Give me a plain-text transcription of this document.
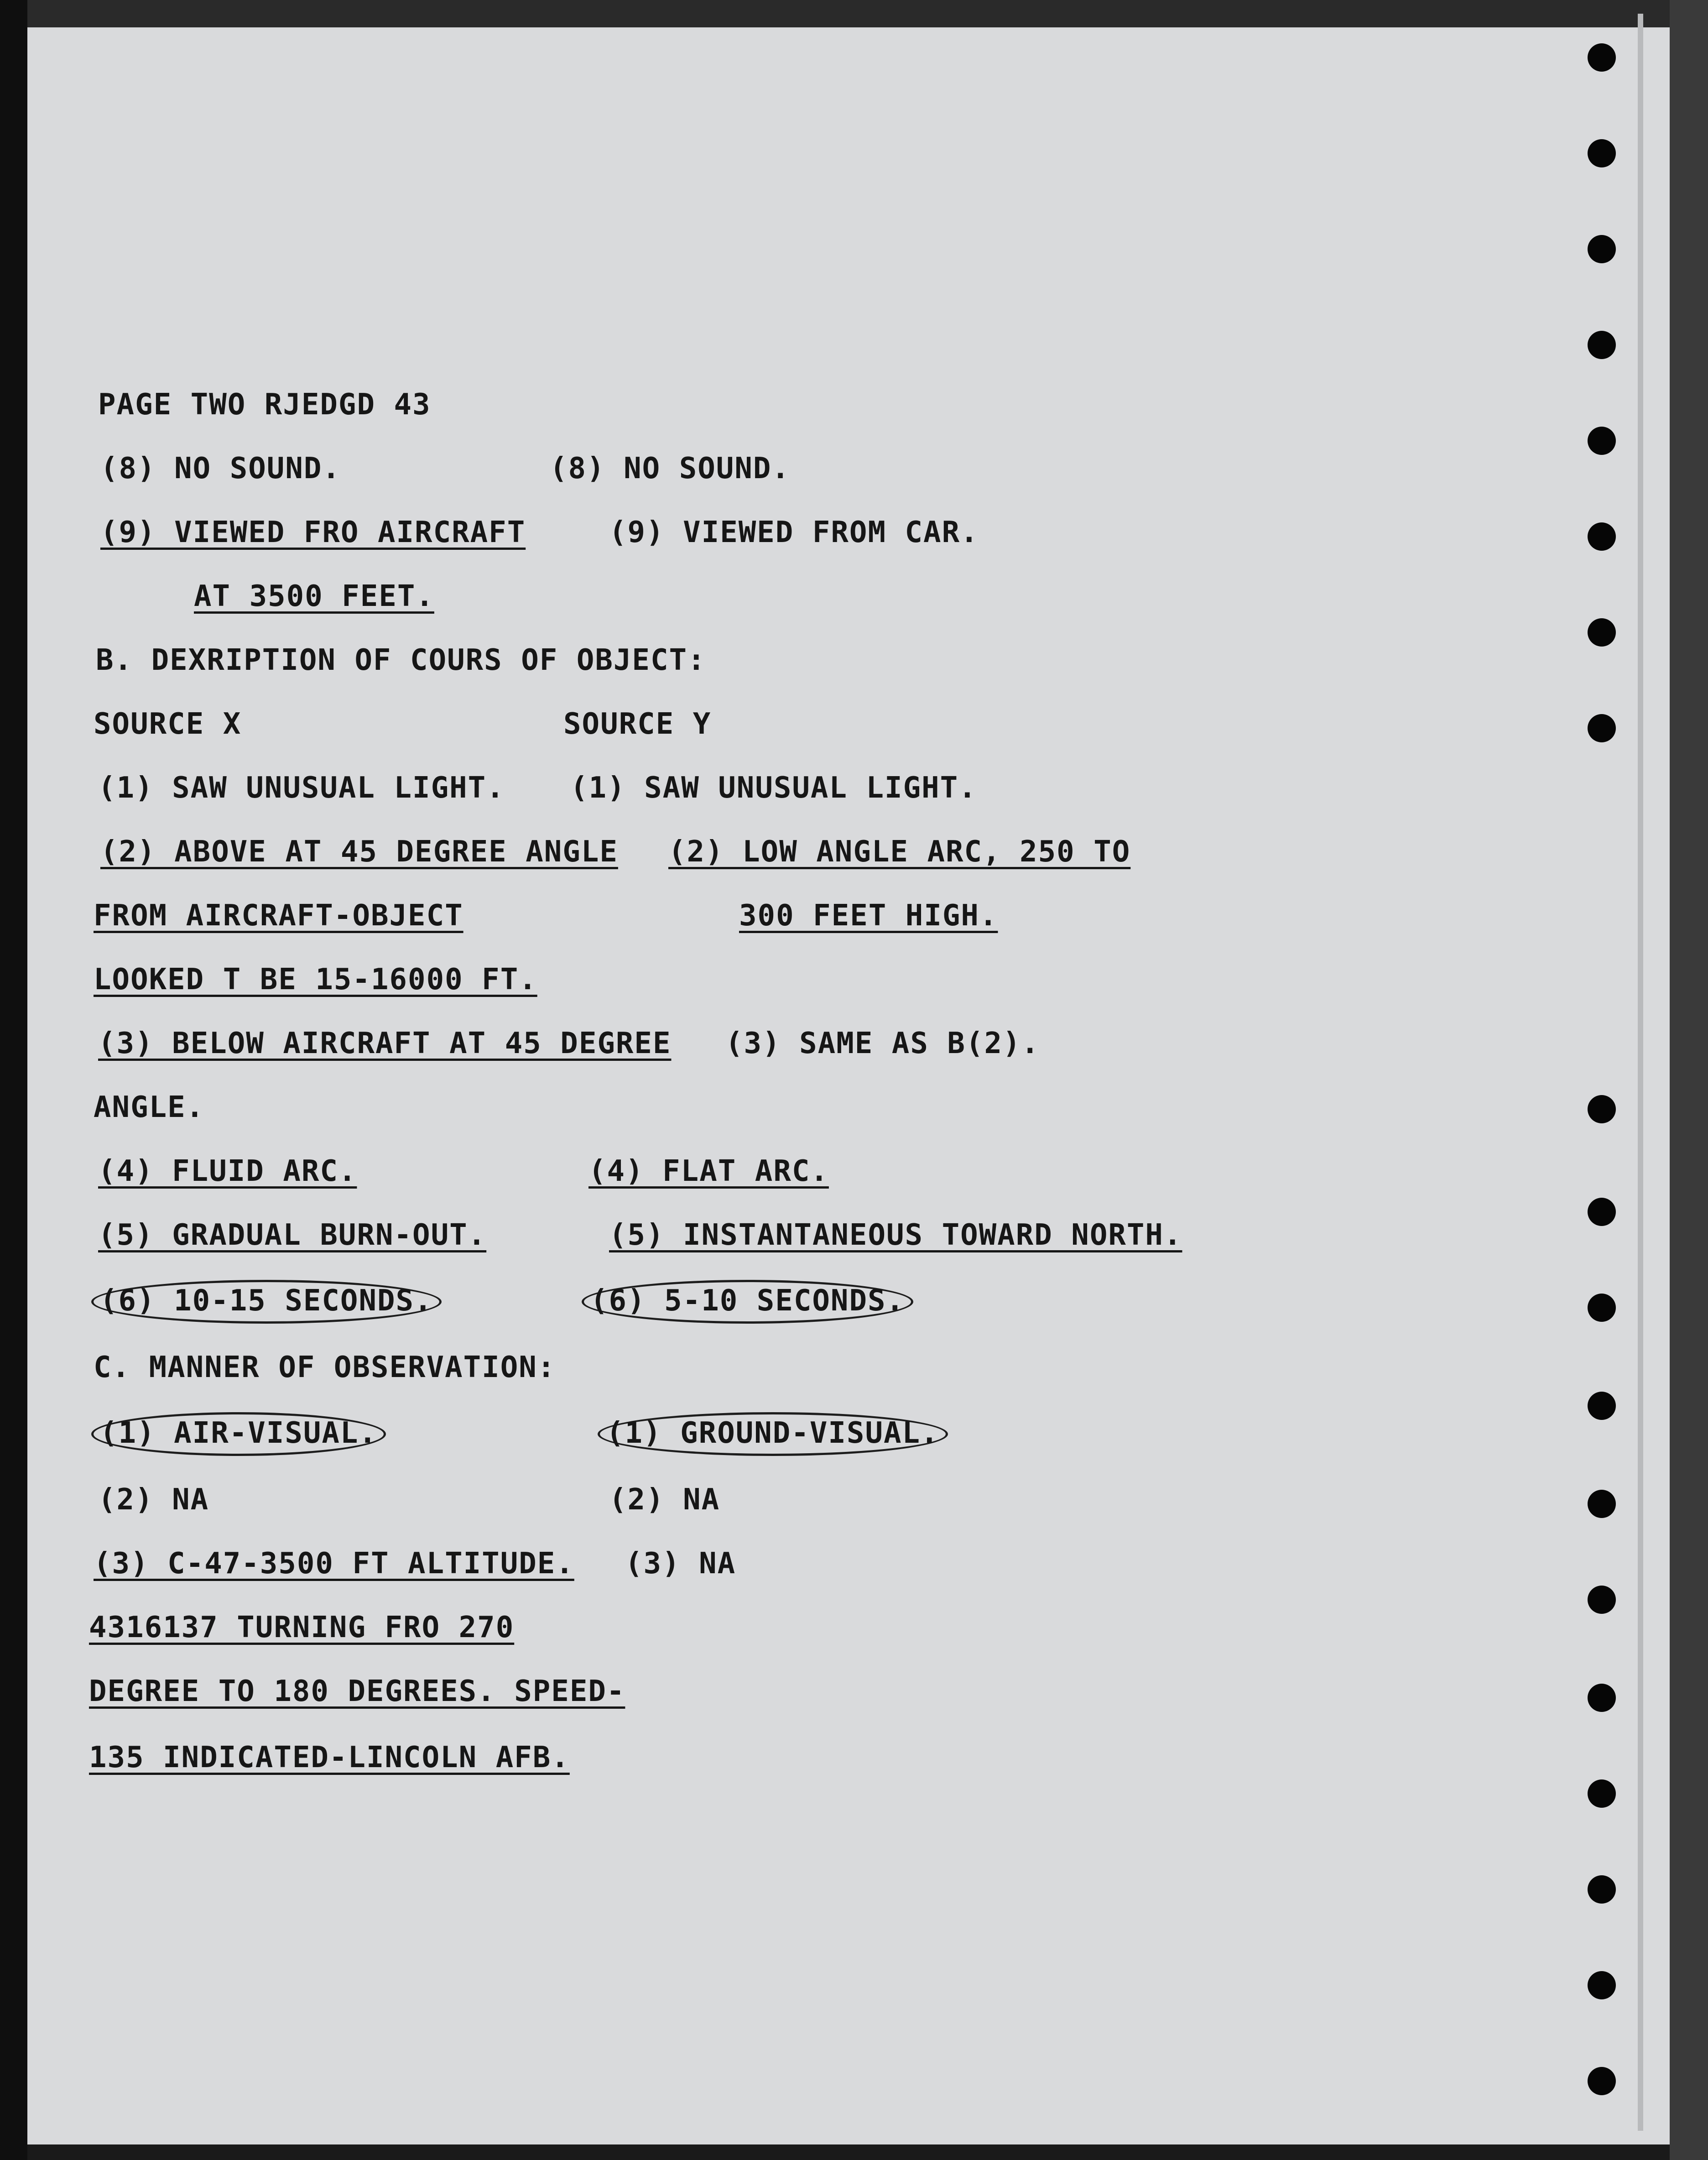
PAGE TWO RJEDGD 43
(8) NO SOUND.	(8) NO SOUND.
(9) VIEWED FRO AIRCRAFT	(9) VIEWED FROM CAR.
AT 3500 FEET.
B. DEXRIPTION OF COURS OF OBJECT:
SOURCE X	SOURCE Y
(1) SAW UNUSUAL LIGHT. (1) SAW UNUSUAL LIGHT.
(2) ABOVE AT 45 DEGREE ANGLE (2) LOW ANGLE ARC, 250 TO
FROM AIRCRAFT-OBJECT	300 FEET HIGH.
LOOKED T BE 15-16000 FT.
(3) BELOW AIRCRAFT AT 45 DEGREE (3) SAME AS B(2).
ANGLE.
(4) FLUID ARC.	(4) FLAT ARC.
(5) GRADUAL BURN-OUT.	(5) INSTANTANEOUS TOWARD NORTH.
(6) 10-15 SECONDS.	(6) 5-10 SECONDS.
C. MANNER OF OBSERVATION:
(1) AIR-VISUAL.	(1) GROUND-VISUAL.
(2) NA	(2) NA
(3) C-47-3500 FT ALTITUDE. (3) NA
4316137 TURNING FRO 270
DEGREE TO 180 DEGREES. SPEED-
135 INDICATED-LINCOLN AFB.
